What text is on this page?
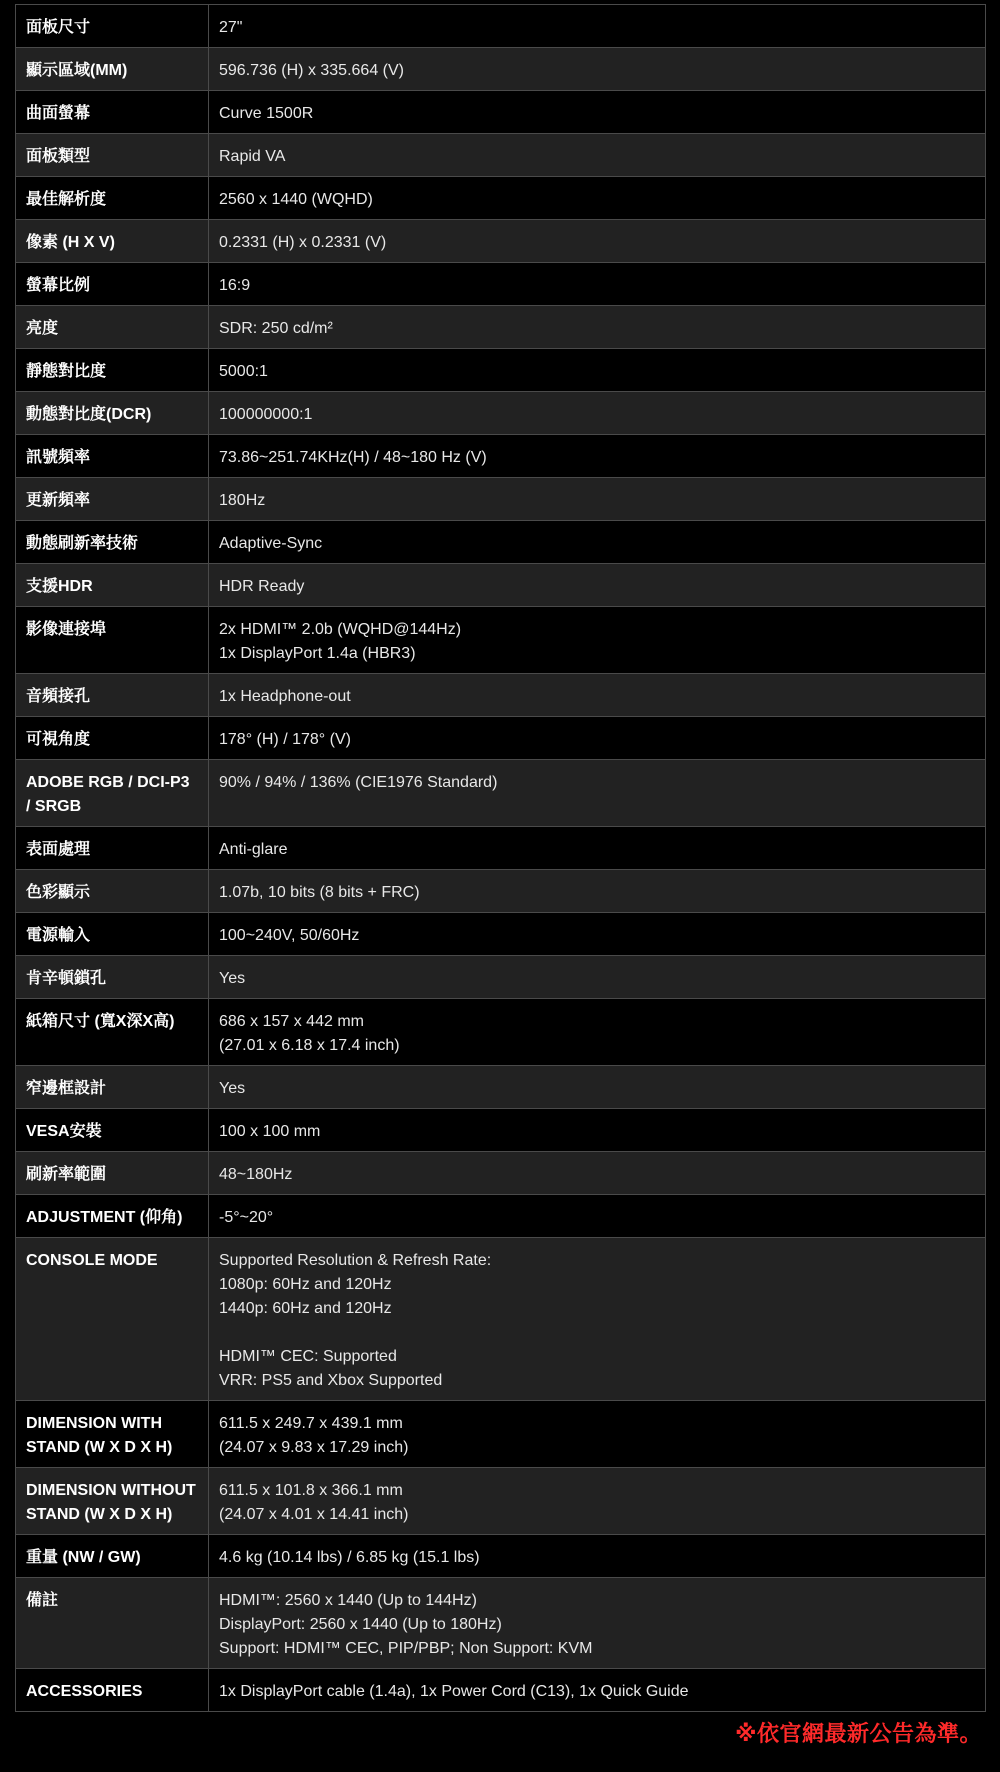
面板尺寸	27"

顯示區域(MM)	596.736 (H) x 335.664 (V)

曲面螢幕	Curve 1500R

面板類型	Rapid VA

最佳解析度	2560 x 1440 (WQHD)

像素 (H X V)	0.2331 (H) x 0.2331 (V)

螢幕比例	16:9

亮度	SDR: 250 cd/m²

靜態對比度	5000:1

動態對比度(DCR)	100000000:1

訊號頻率	73.86~251.74KHz(H) / 48~180 Hz (V)

更新頻率	180Hz

動態刷新率技術	Adaptive-Sync

支援HDR	HDR Ready

影像連接埠	2x HDMI™ 2.0b (WQHD@144Hz)
1x DisplayPort 1.4a (HBR3)

音頻接孔	1x Headphone-out

可視角度	178° (H) / 178° (V)

ADOBE RGB / DCI-P3 / SRGB	90% / 94% / 136% (CIE1976 Standard)

表面處理	Anti-glare

色彩顯示	1.07b, 10 bits (8 bits + FRC)

電源輸入	100~240V, 50/60Hz

肯辛頓鎖孔	Yes

紙箱尺寸 (寬X深X高)	686 x 157 x 442 mm
(27.01 x 6.18 x 17.4 inch)

窄邊框設計	Yes

VESA安裝	100 x 100 mm

刷新率範圍	48~180Hz

ADJUSTMENT (仰角)	-5°~20°

CONSOLE MODE	Supported Resolution & Refresh Rate:
1080p: 60Hz and 120Hz
1440p: 60Hz and 120Hz
HDMI™ CEC: Supported
VRR: PS5 and Xbox Supported

DIMENSION WITH STAND (W X D X H)	611.5 x 249.7 x 439.1 mm
(24.07 x 9.83 x 17.29 inch)

DIMENSION WITHOUT STAND (W X D X H)	611.5 x 101.8 x 366.1 mm
(24.07 x 4.01 x 14.41 inch)

重量 (NW / GW)	4.6 kg (10.14 lbs) / 6.85 kg (15.1 lbs)

備註	HDMI™: 2560 x 1440 (Up to 144Hz)
DisplayPort: 2560 x 1440 (Up to 180Hz)
Support: HDMI™ CEC, PIP/PBP; Non Support: KVM

ACCESSORIES	1x DisplayPort cable (1.4a), 1x Power Cord (C13), 1x Quick Guide
※依官網最新公告為準。
